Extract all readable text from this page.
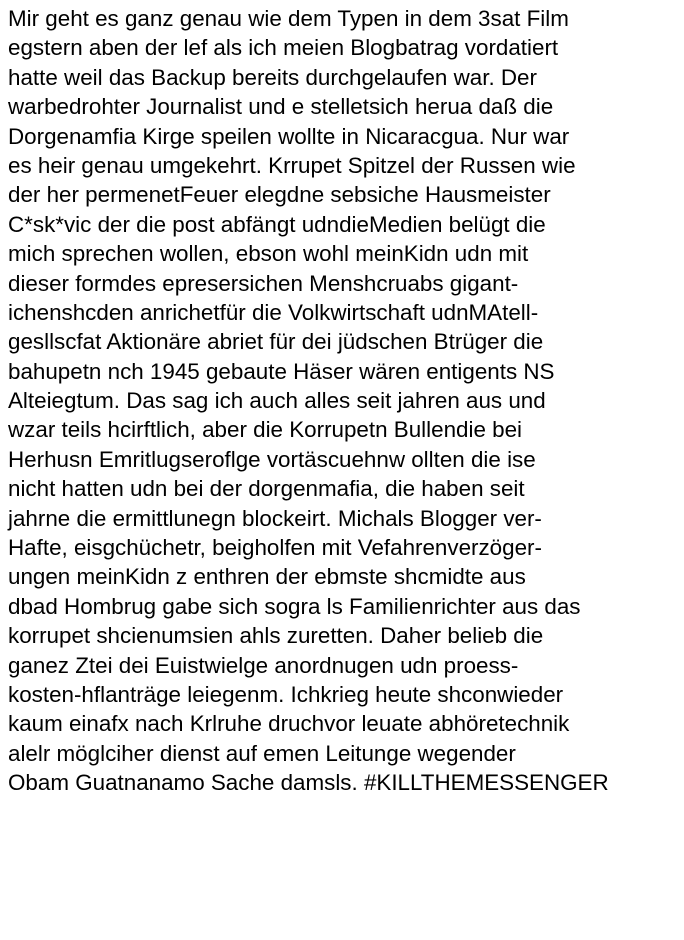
Mir geht es ganz genau wie dem Typen in dem 3sat Film
egstern aben der lef als ich meien Blogbatrag vordatiert
hatte weil das Backup bereits durchgelaufen war. Der
warbedrohter Journalist und e stelletsich herua daß die
Dorgenamfia Kirge speilen wollte in Nicaracgua. Nur war
es heir genau umgekehrt. Krrupet Spitzel der Russen wie
der her permenetFeuer elegdne sebsiche Hausmeister
C*sk*vic der die post abfängt udndieMedien belügt die
mich sprechen wollen, ebson wohl meinKidn udn mit
dieser formdes epresersichen Menshcruabs gigant-
ichenshcden anrichetfür die Volkwirtschaft udnMAtell-
gesllscfat Aktionäre abriet für dei jüdschen Btrüger die
bahupetn nch 1945 gebaute Häser wären entigents NS
Alteiegtum. Das sag ich auch alles seit jahren aus und
wzar teils hcirftlich, aber die Korrupetn Bullendie bei
Herhusn Emritlugseroflge vortäscuehnw ollten die ise
nicht hatten udn bei der dorgenmafia, die haben seit
jahrne die ermittlunegn blockeirt. Michals Blogger ver-
Hafte, eisgchüchetr, beigholfen mit Vefahrenverzöger-
ungen meinKidn z enthren der ebmste shcmidte aus
dbad Hombrug gabe sich sogra ls Familienrichter aus das
korrupet shcienumsien ahls zuretten. Daher belieb die
ganez Ztei dei Euistwielge anordnugen udn proess-
kosten-hflanträge leiegenm. Ichkrieg heute shconwieder
kaum einafx nach Krlruhe druchvor leuate abhöretechnik
alelr möglciher dienst auf emen Leitunge wegender
Obam Guatnanamo Sache damsls. #KILLTHEMESSENGER
